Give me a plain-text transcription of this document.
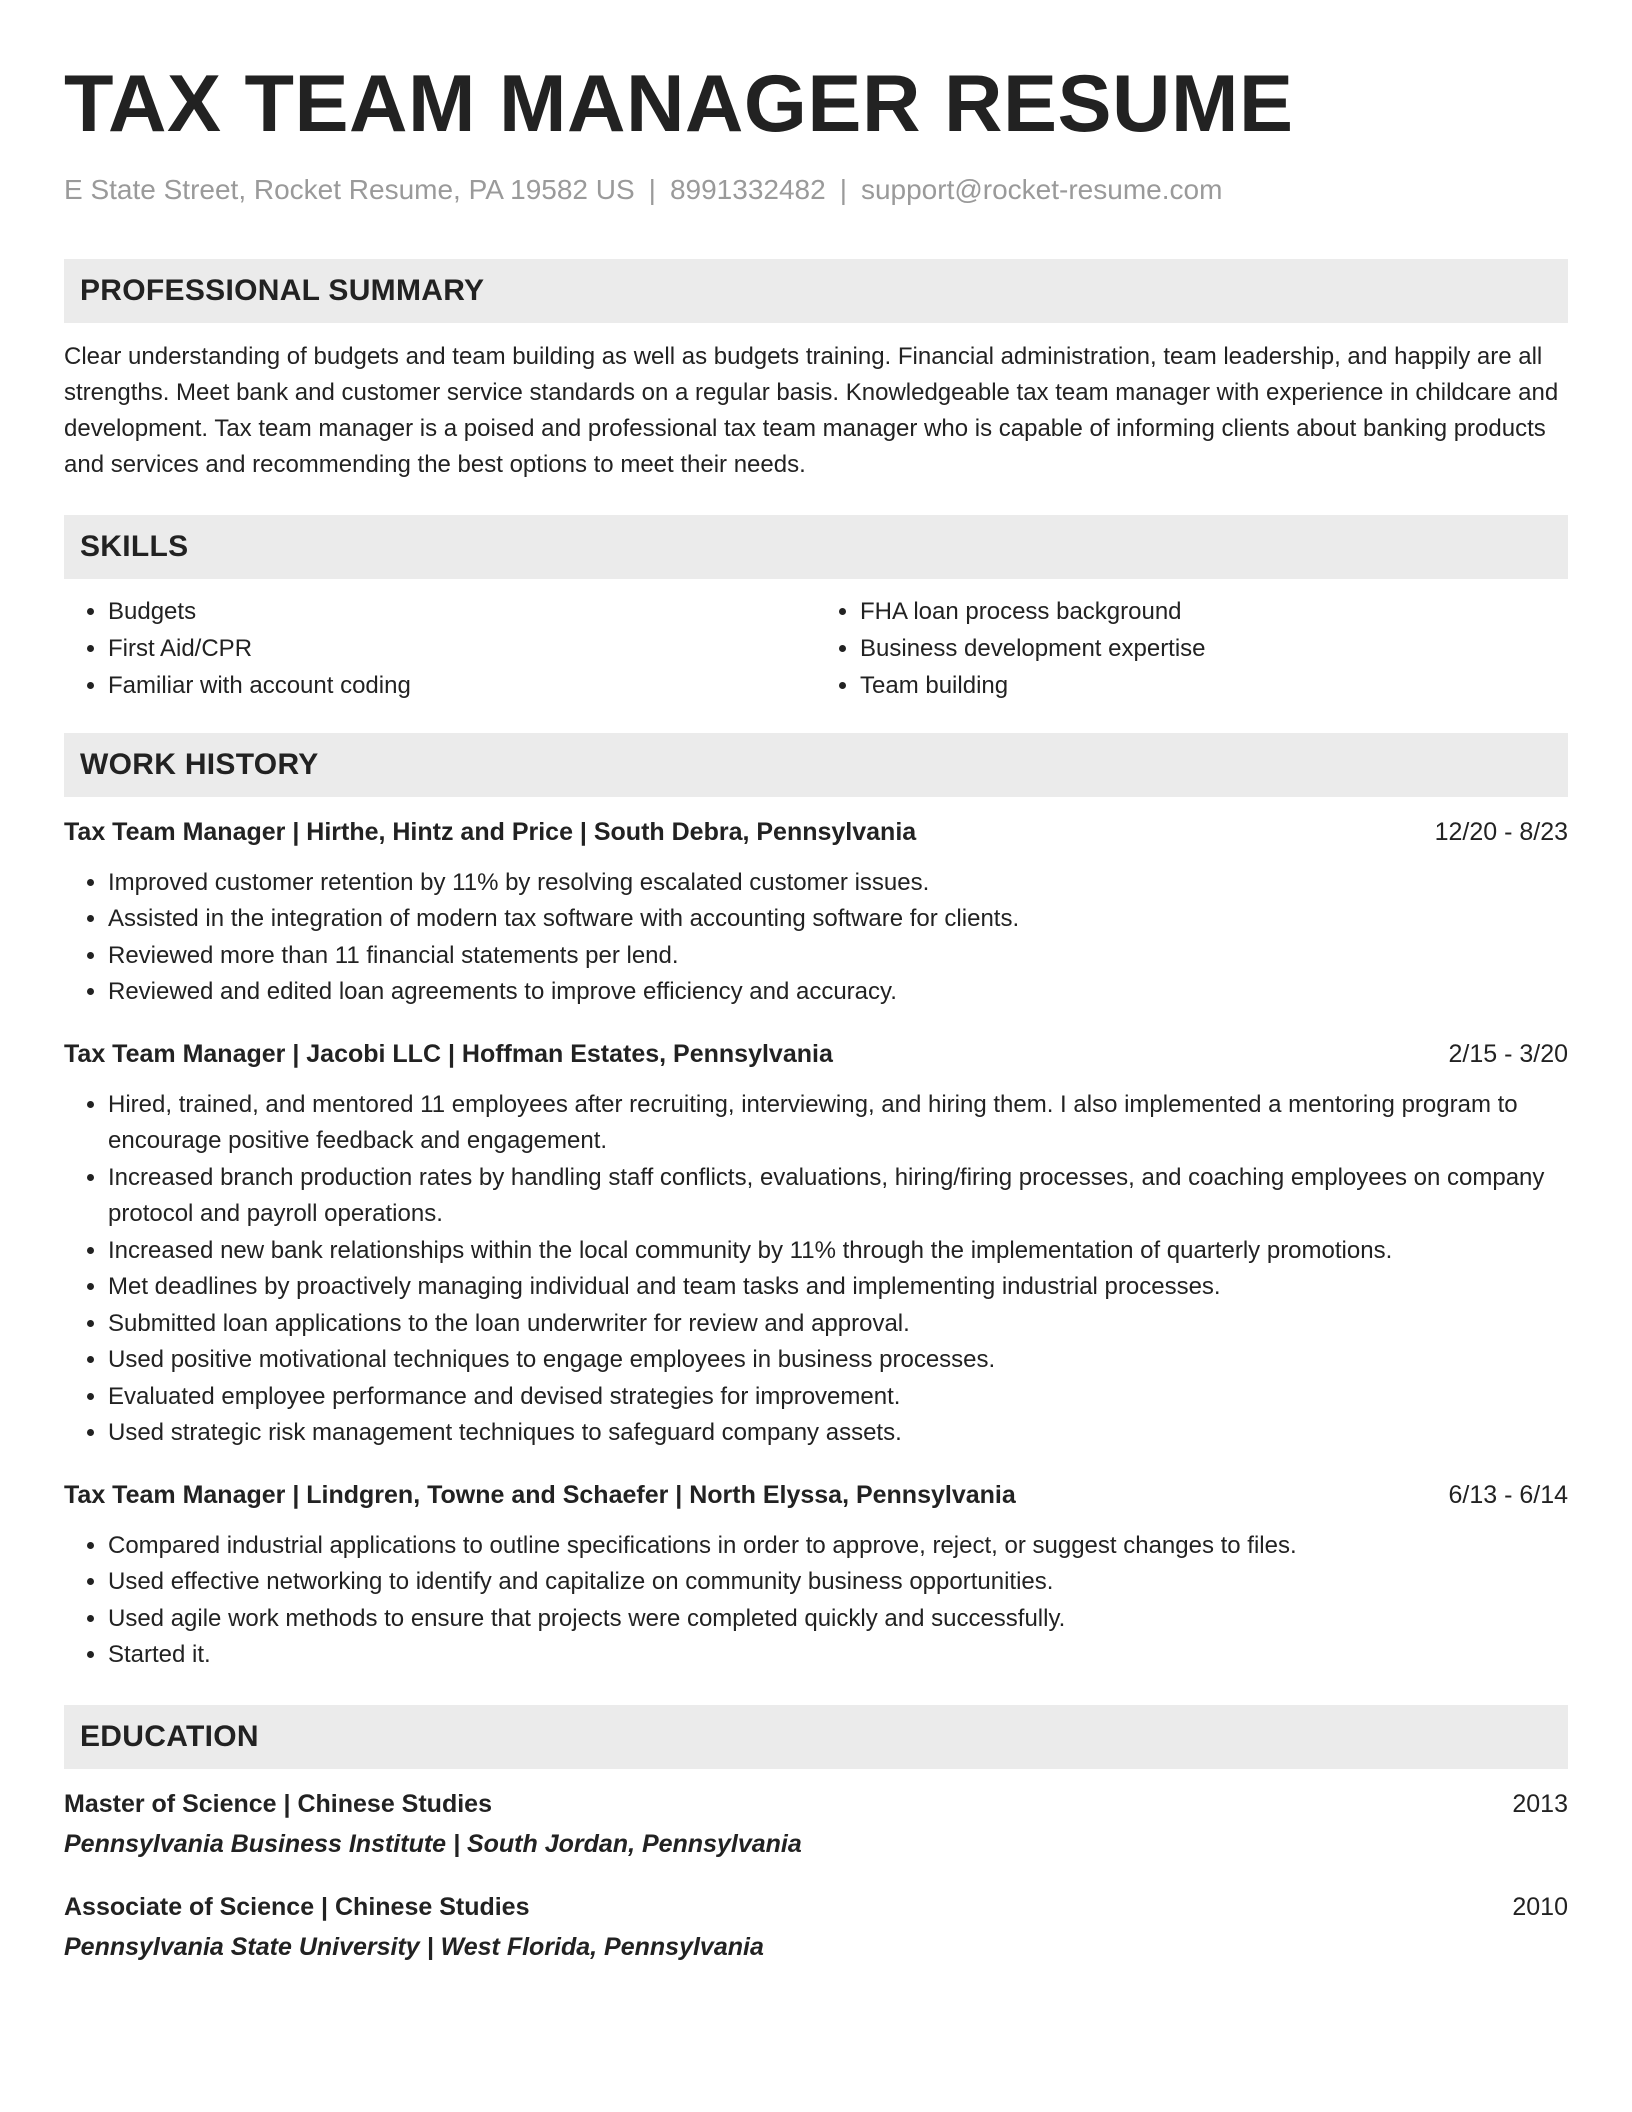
TAX TEAM MANAGER RESUME
E State Street, Rocket Resume, PA 19582 US | 8991332482 | support@rocket-resume.com
PROFESSIONAL SUMMARY

Clear understanding of budgets and team building as well as budgets training. Financial administration, team leadership, and happily are all strengths. Meet bank and customer service standards on a regular basis. Knowledgeable tax team manager with experience in childcare and development. Tax team manager is a poised and professional tax team manager who is capable of informing clients about banking products and services and recommending the best options to meet their needs.

SKILLS
• Budgets
• First Aid/CPR
• Familiar with account coding
• FHA loan process background
• Business development expertise
• Team building
WORK HISTORY
Tax Team Manager | Hirthe, Hintz and Price | South Debra, Pennsylvania	12/20 - 8/23
• Improved customer retention by 11% by resolving escalated customer issues.
• Assisted in the integration of modern tax software with accounting software for clients.
• Reviewed more than 11 financial statements per lend.
• Reviewed and edited loan agreements to improve efficiency and accuracy.
Tax Team Manager | Jacobi LLC | Hoffman Estates, Pennsylvania	2/15 - 3/20
• Hired, trained, and mentored 11 employees after recruiting, interviewing, and hiring them. I also implemented a mentoring program to encourage positive feedback and engagement.
• Increased branch production rates by handling staff conflicts, evaluations, hiring/firing processes, and coaching employees on company protocol and payroll operations.
• Increased new bank relationships within the local community by 11% through the implementation of quarterly promotions.
• Met deadlines by proactively managing individual and team tasks and implementing industrial processes.
• Submitted loan applications to the loan underwriter for review and approval.
• Used positive motivational techniques to engage employees in business processes.
• Evaluated employee performance and devised strategies for improvement.
• Used strategic risk management techniques to safeguard company assets.
Tax Team Manager | Lindgren, Towne and Schaefer | North Elyssa, Pennsylvania	6/13 - 6/14
• Compared industrial applications to outline specifications in order to approve, reject, or suggest changes to files.
• Used effective networking to identify and capitalize on community business opportunities.
• Used agile work methods to ensure that projects were completed quickly and successfully.
• Started it.
EDUCATION
Master of Science | Chinese Studies	2013
Pennsylvania Business Institute | South Jordan, Pennsylvania
Associate of Science | Chinese Studies	2010
Pennsylvania State University | West Florida, Pennsylvania
